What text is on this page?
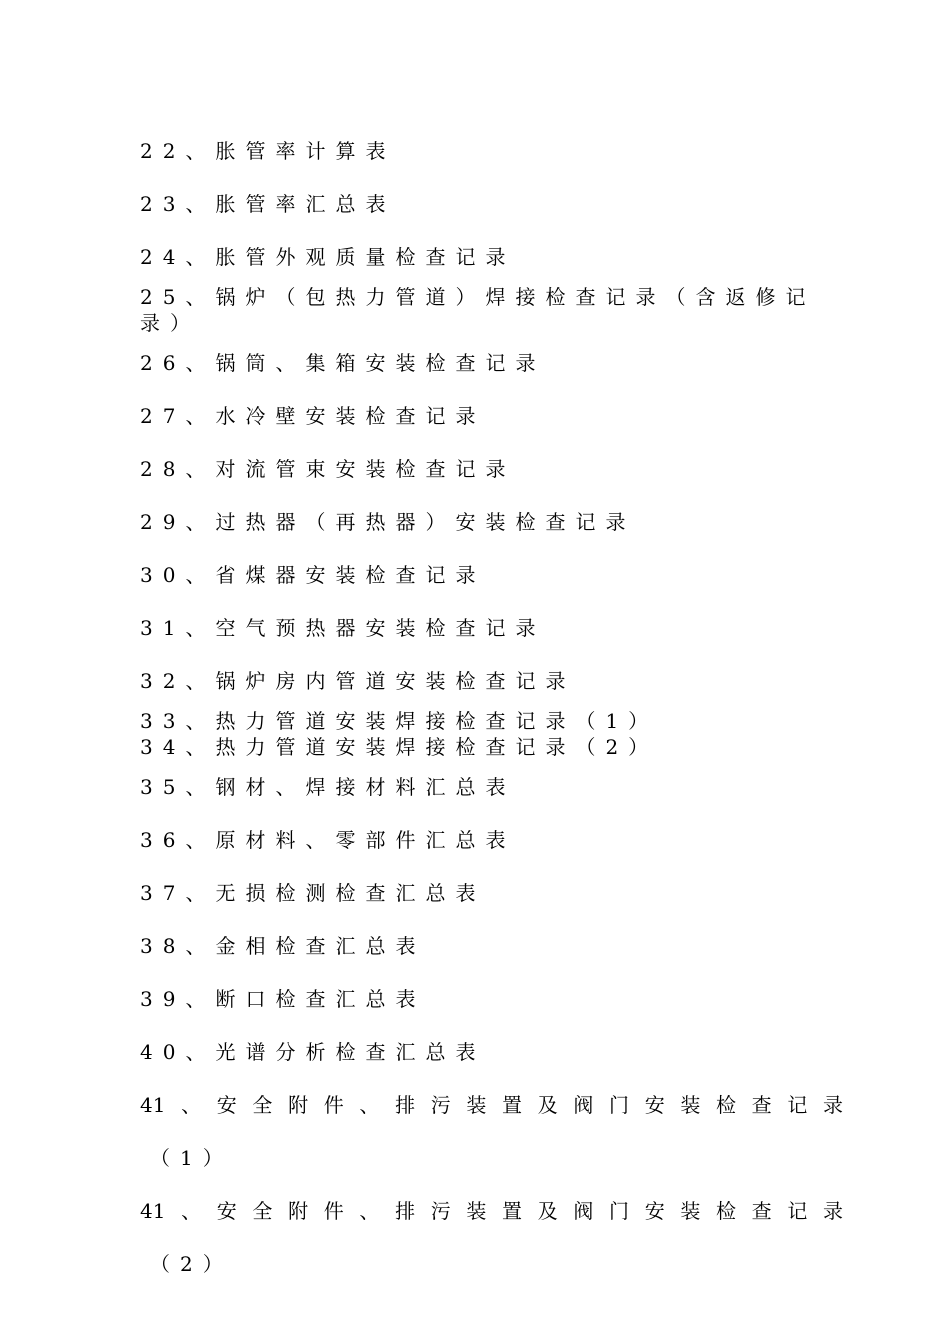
22、胀管率计算表
23、胀管率汇总表
24、胀管外观质量检查记录
25、锅炉（包热力管道）焊接检查记录（含返修记录）
26、锅筒、集箱安装检查记录
27、水冷壁安装检查记录
28、对流管束安装检查记录
29、过热器（再热器）安装检查记录
30、省煤器安装检查记录
31、空气预热器安装检查记录
32、锅炉房内管道安装检查记录
33、热力管道安装焊接检查记录（1）
34、热力管道安装焊接检查记录（2）
35、钢材、焊接材料汇总表
36、原材料、零部件汇总表
37、无损检测检查汇总表
38、金相检查汇总表
39、断口检查汇总表
40、光谱分析检查汇总表
41、安全附件、排污装置及阀门安装检查记录
（1）
41、安全附件、排污装置及阀门安装检查记录
（2）
